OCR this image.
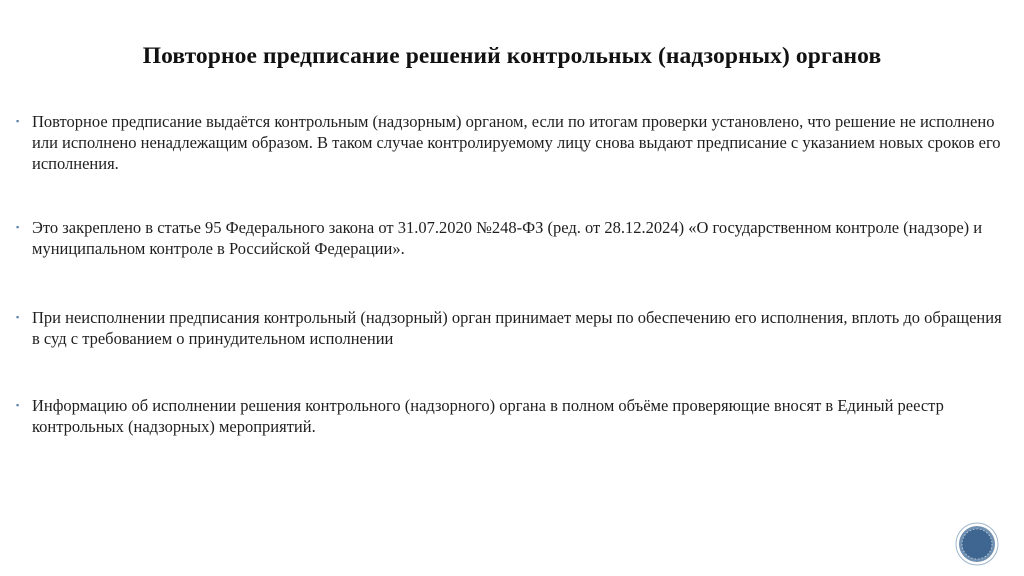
Повторное предписание решений контрольных (надзорных) органов
▪ Повторное предписание выдаётся контрольным (надзорным) органом, если по итогам проверки установлено, что решение не исполнено или исполнено ненадлежащим образом. В таком случае контролируемому лицу снова выдают предписание с указанием новых сроков его исполнения.
▪ Это закреплено в статье 95 Федерального закона от 31.07.2020 №248-ФЗ (ред. от 28.12.2024) «О государственном контроле (надзоре) и муниципальном контроле в Российской Федерации».
▪ При неисполнении предписания контрольный (надзорный) орган принимает меры по обеспечению его исполнения, вплоть до обращения в суд с требованием о принудительном исполнении
▪ Информацию об исполнении решения контрольного (надзорного) органа в полном объёме проверяющие вносят в Единый реестр контрольных (надзорных) мероприятий.
